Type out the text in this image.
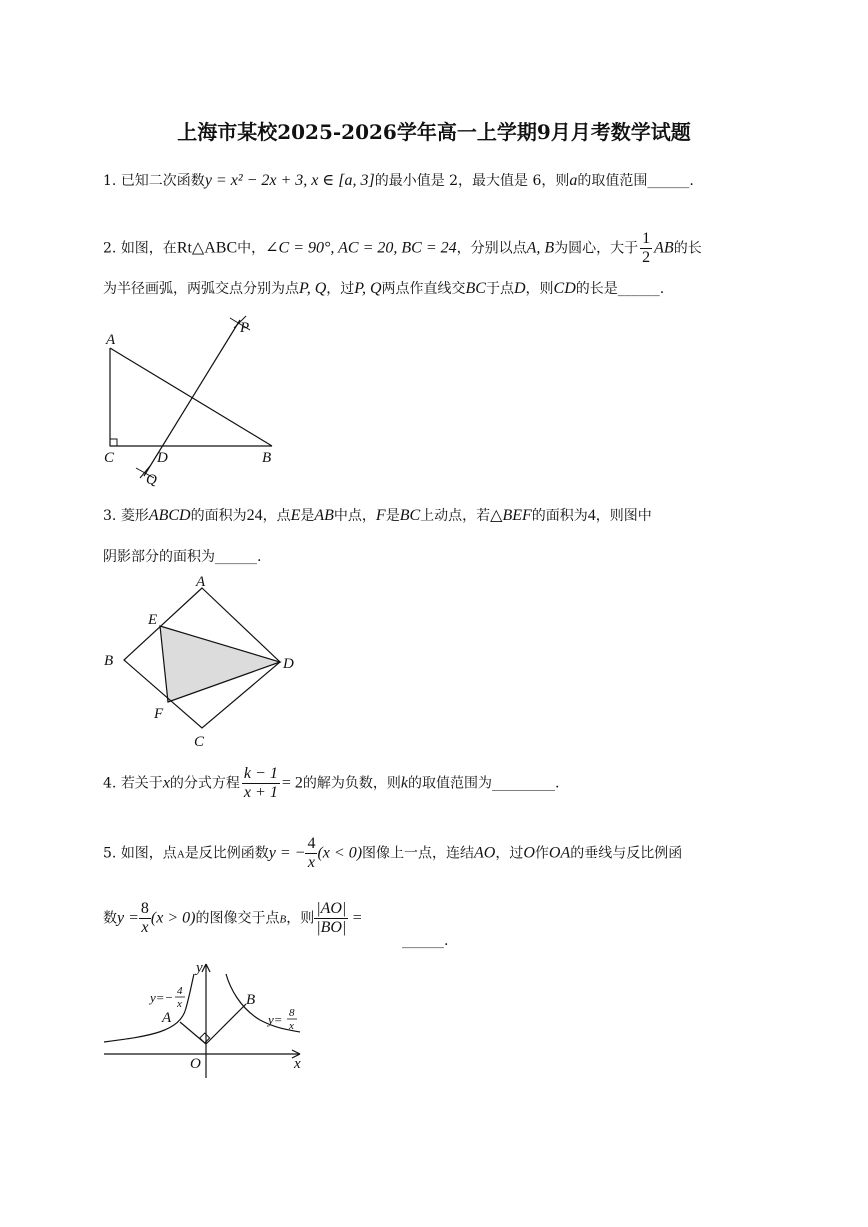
上海市某校2025-2026学年高一上学期9月月考数学试题
1. 已知二次函数y = x² − 2x + 3, x ∈ [a, 3]的最小值是 2，最大值是 6，则a的取值范围______.
2. 如图，在Rt△ABC中，∠C = 90°, AC = 20, BC = 24，分别以点A, B为圆心，大于 $\frac{1}{2}$ AB的长
为半径画弧，两弧交点分别为点P, Q，过P, Q两点作直线交BC于点D，则CD的长是______.
A
C	D	B
P
Q
3. 菱形ABCD的面积为24，点E是AB中点，F是BC上动点，若△BEF的面积为4，则图中
阴影部分的面积为______.
A
B
C
D
E
F
4. 若关于x的分式方程 $\frac{k - 1}{x + 1} = 2$的解为负数，则k的取值范围为_________.
5. 如图，点A是反比例函数y = − $\frac{4}{x} (x < 0)$图像上一点，连结AO，过O作OA的垂线与反比例函
数$y = \frac{8}{x} (x > 0)$的图像交于点B，则 $\frac{|AO|}{|BO|}$ =
______.
y
x
O
A
B
y=− 4
x
y= 8
x
